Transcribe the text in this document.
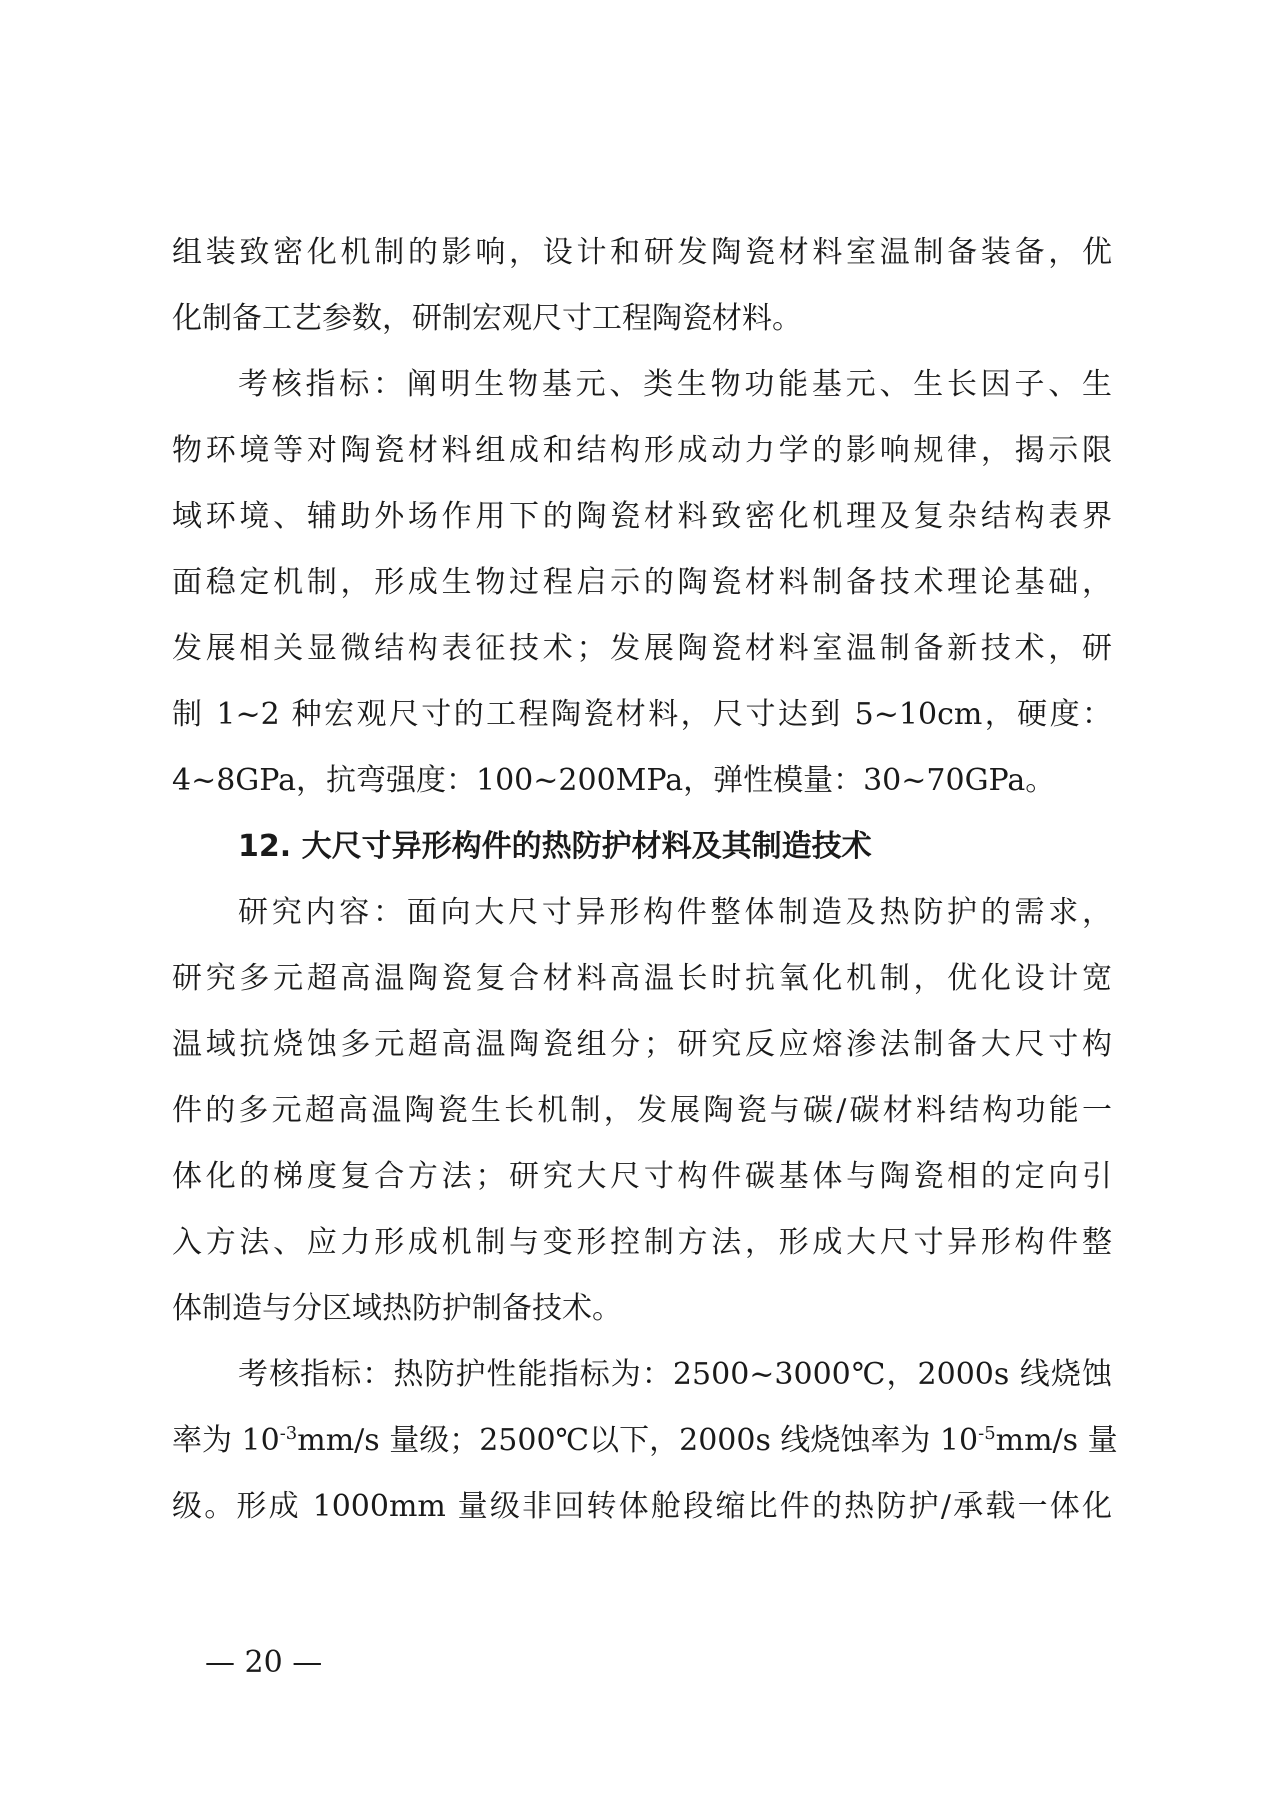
组装致密化机制的影响，设计和研发陶瓷材料室温制备装备，优
化制备工艺参数，研制宏观尺寸工程陶瓷材料。
考核指标：阐明生物基元、类生物功能基元、生长因子、生
物环境等对陶瓷材料组成和结构形成动力学的影响规律，揭示限
域环境、辅助外场作用下的陶瓷材料致密化机理及复杂结构表界
面稳定机制，形成生物过程启示的陶瓷材料制备技术理论基础，
发展相关显微结构表征技术；发展陶瓷材料室温制备新技术，研
制 1~2 种宏观尺寸的工程陶瓷材料，尺寸达到 5~10cm，硬度：
4~8GPa，抗弯强度：100~200MPa，弹性模量：30~70GPa。
12. 大尺寸异形构件的热防护材料及其制造技术
研究内容：面向大尺寸异形构件整体制造及热防护的需求，
研究多元超高温陶瓷复合材料高温长时抗氧化机制，优化设计宽
温域抗烧蚀多元超高温陶瓷组分；研究反应熔渗法制备大尺寸构
件的多元超高温陶瓷生长机制，发展陶瓷与碳/碳材料结构功能一
体化的梯度复合方法；研究大尺寸构件碳基体与陶瓷相的定向引
入方法、应力形成机制与变形控制方法，形成大尺寸异形构件整
体制造与分区域热防护制备技术。
考核指标：热防护性能指标为：2500~3000℃，2000s 线烧蚀
率为 $10^{-3}mm/s$ 量级；2500℃以下，2000s 线烧蚀率为 $10^{-5}mm/s$ 量
级。形成 1000mm 量级非回转体舱段缩比件的热防护/承载一体化
— 20 —
